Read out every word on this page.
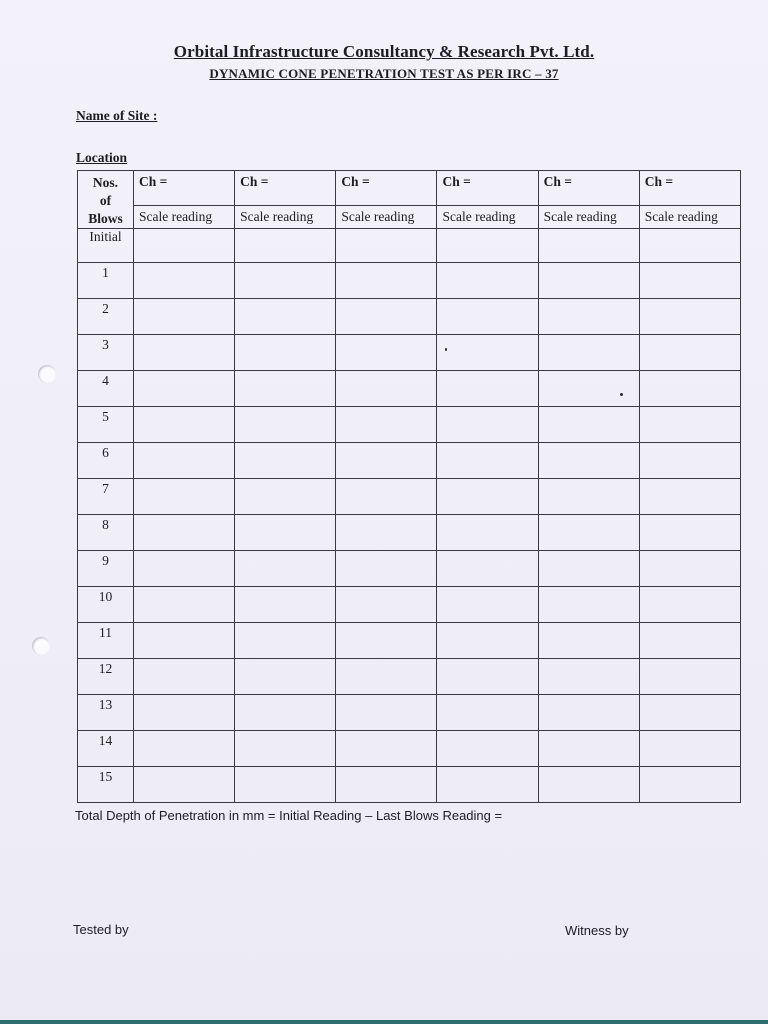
Orbital Infrastructure Consultancy & Research Pvt. Ltd.
DYNAMIC CONE PENETRATION TEST AS PER IRC – 37
Name of Site :
Location
Nos.
of
Blows	Ch =	Ch =	Ch =	Ch =	Ch =	Ch =
	Scale reading	Scale reading	Scale reading	Scale reading	Scale reading	Scale reading
Initial						
1						
2						
3						
4						
5						
6						
7						
8						
9						
10						
11						
12						
13						
14						
15						
Total Depth of Penetration in mm = Initial Reading – Last Blows Reading =
Tested by	Witness by
